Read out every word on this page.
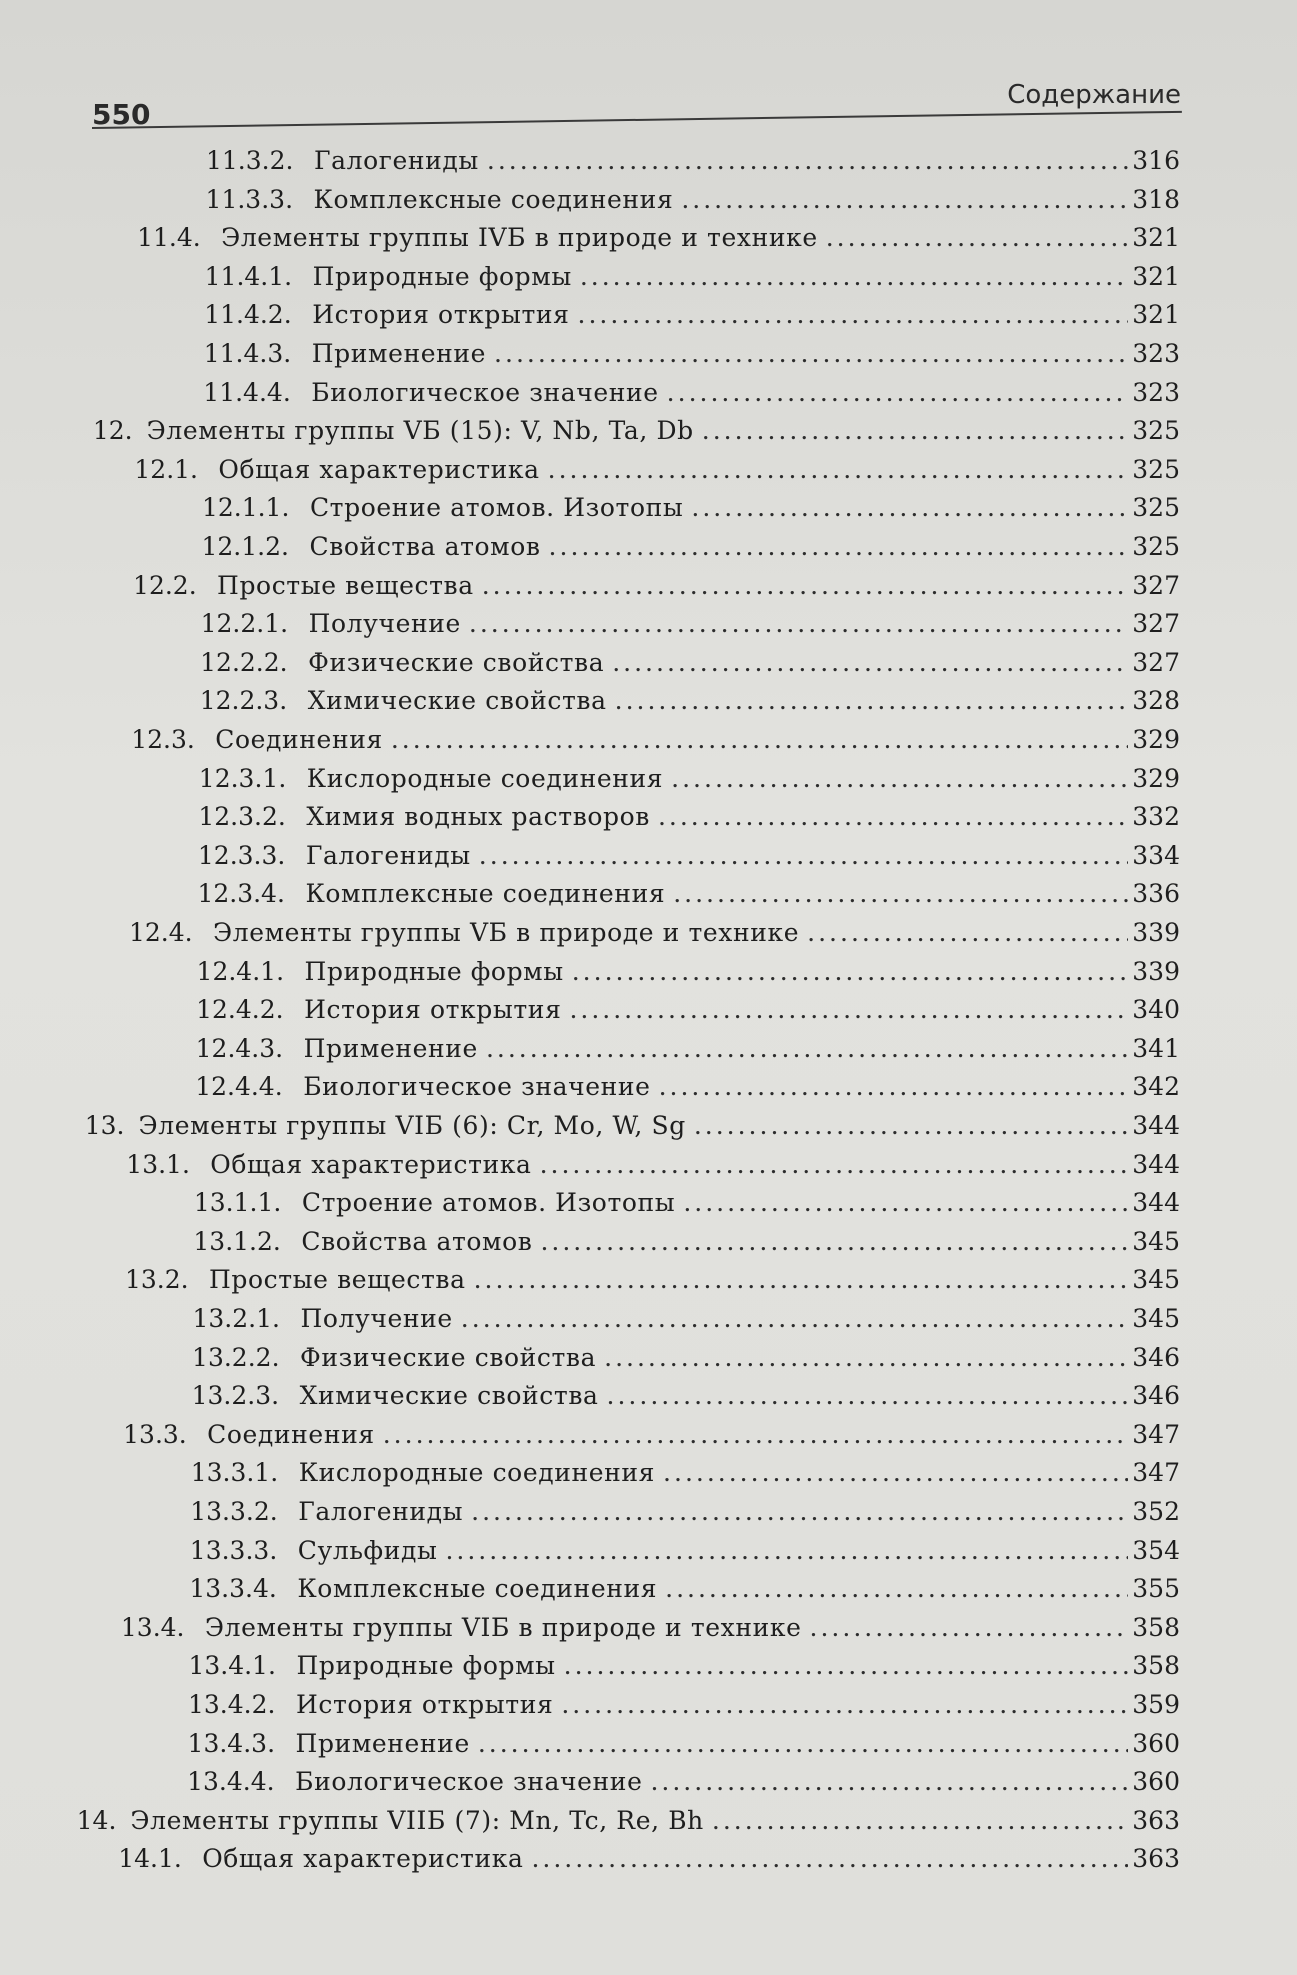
550
Содержание
11.3.2. Галогениды .....	316
11.3.3. Комплексные соединения .....	318
11.4. Элементы группы IVБ в природе и технике .....	321
11.4.1. Природные формы .....	321
11.4.2. История открытия .....	321
11.4.3. Применение .....	323
11.4.4. Биологическое значение .....	323
12. Элементы группы VБ (15): V, Nb, Ta, Db .....	325
12.1. Общая характеристика .....	325
12.1.1. Строение атомов. Изотопы .....	325
12.1.2. Свойства атомов .....	325
12.2. Простые вещества .....	327
12.2.1. Получение .....	327
12.2.2. Физические свойства .....	327
12.2.3. Химические свойства .....	328
12.3. Соединения .....	329
12.3.1. Кислородные соединения .....	329
12.3.2. Химия водных растворов .....	332
12.3.3. Галогениды .....	334
12.3.4. Комплексные соединения .....	336
12.4. Элементы группы VБ в природе и технике .....	339
12.4.1. Природные формы .....	339
12.4.2. История открытия .....	340
12.4.3. Применение .....	341
12.4.4. Биологическое значение .....	342
13. Элементы группы VIБ (6): Cr, Mo, W, Sg .....	344
13.1. Общая характеристика .....	344
13.1.1. Строение атомов. Изотопы .....	344
13.1.2. Свойства атомов .....	345
13.2. Простые вещества .....	345
13.2.1. Получение .....	345
13.2.2. Физические свойства .....	346
13.2.3. Химические свойства .....	346
13.3. Соединения .....	347
13.3.1. Кислородные соединения .....	347
13.3.2. Галогениды .....	352
13.3.3. Сульфиды .....	354
13.3.4. Комплексные соединения .....	355
13.4. Элементы группы VIБ в природе и технике .....	358
13.4.1. Природные формы .....	358
13.4.2. История открытия .....	359
13.4.3. Применение .....	360
13.4.4. Биологическое значение .....	360
14. Элементы группы VIIБ (7): Mn, Tc, Re, Bh .....	363
14.1. Общая характеристика .....	363
